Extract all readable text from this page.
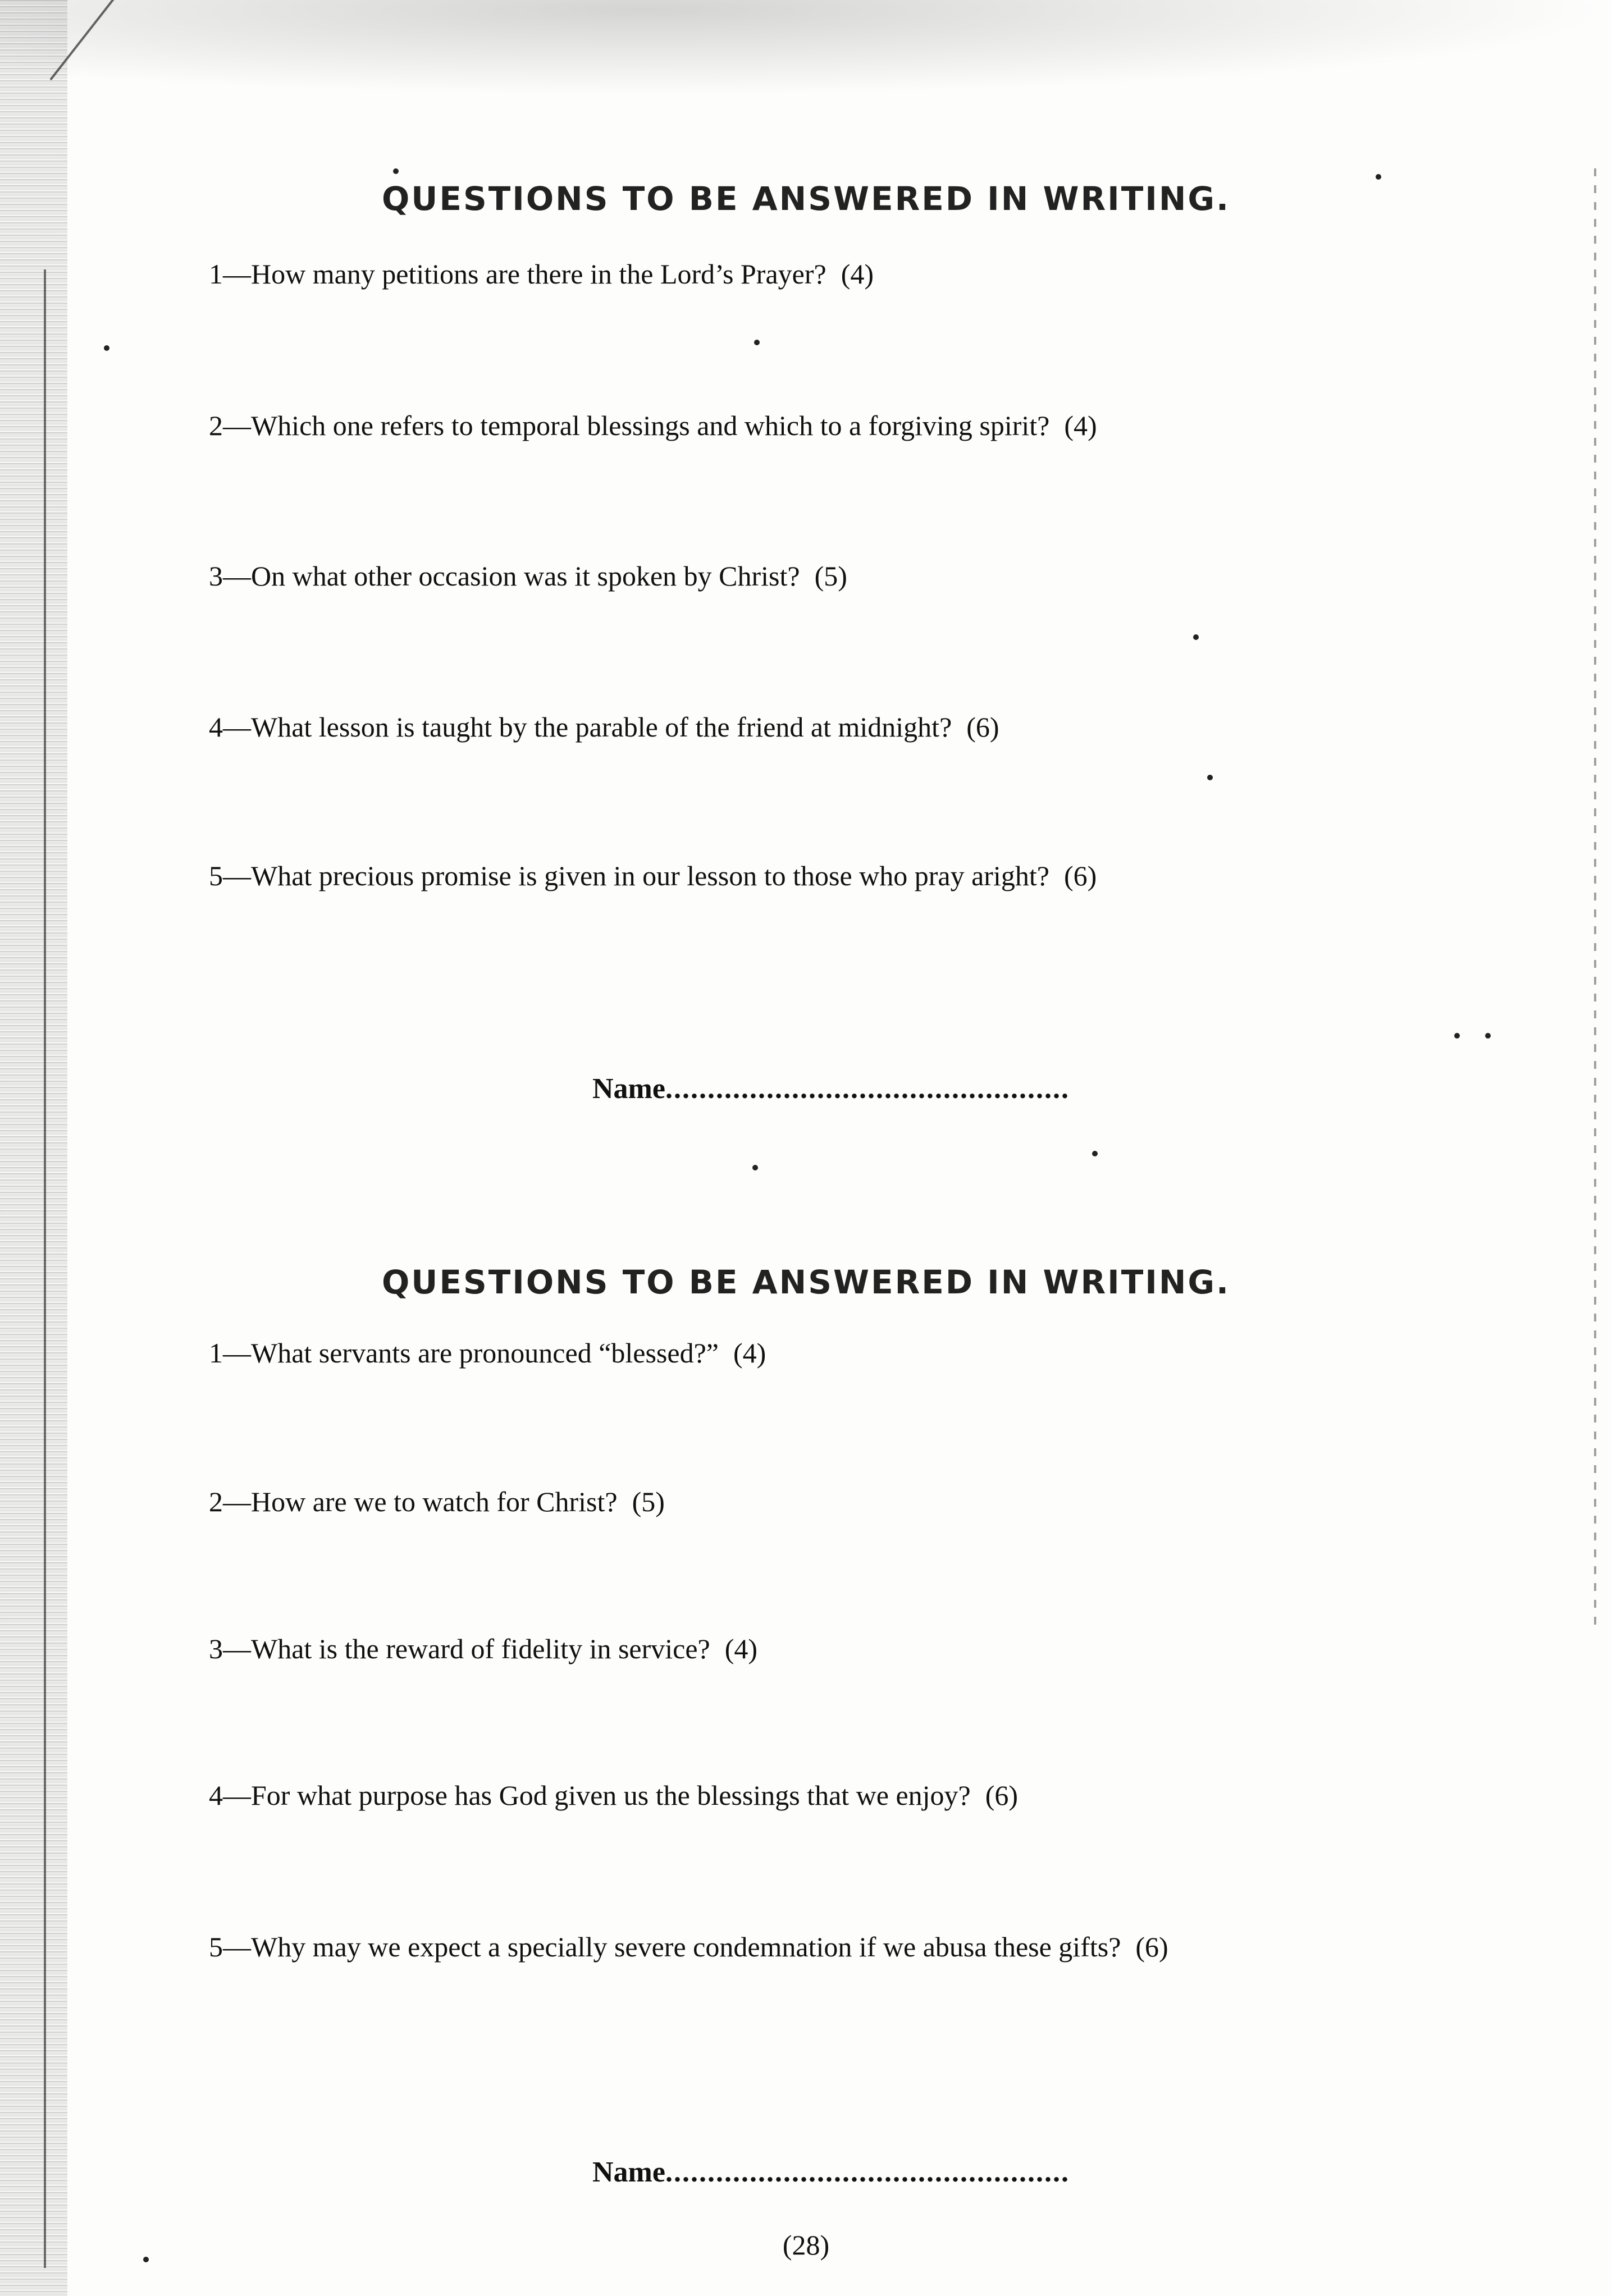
QUESTIONS TO BE ANSWERED IN WRITING.
1—How many petitions are there in the Lord’s Prayer? (4)
2—Which one refers to temporal blessings and which to a forgiving spirit? (4)
3—On what other occasion was it spoken by Christ? (5)
4—What lesson is taught by the parable of the friend at midnight? (6)
5—What precious promise is given in our lesson to those who pray aright? (6)
Name................................................
QUESTIONS TO BE ANSWERED IN WRITING.
1—What servants are pronounced “blessed?” (4)
2—How are we to watch for Christ? (5)
3—What is the reward of fidelity in service? (4)
4—For what purpose has God given us the blessings that we enjoy? (6)
5—Why may we expect a specially severe condemnation if we abusa these gifts? (6)
Name................................................
(28)
